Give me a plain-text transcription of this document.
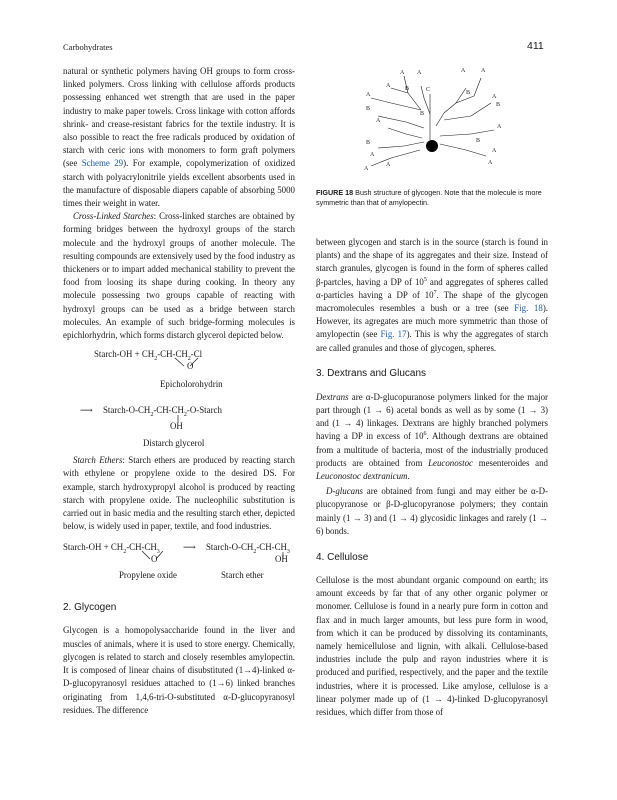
Carbohydrates	411

natural or synthetic polymers having OH groups to form cross-linked polymers. Cross linking with cellulose affords products possessing enhanced wet strength that are used in the paper industry to make paper towels. Cross linkage with cotton affords shrink- and crease-resistant fabrics for the textile industry. It is also possible to react the free radicals produced by oxidation of starch with ceric ions with monomers to form graft polymers (see Scheme 29). For example, copolymerization of oxidized starch with polyacrylonitrile yields excellent absorbents used in the manufacture of disposable diapers capable of absorbing 5000 times their weight in water.

Cross-Linked Starches: Cross-linked starches are obtained by forming bridges between the hydroxyl groups of the starch molecule and the hydroxyl groups of another molecule. The resulting compounds are extensively used by the food industry as thickeners or to impart added mechanical stability to prevent the food from loosing its shape during cooking. In theory any molecule possessing two groups capable of reacting with hydroxyl groups can be used as a bridge between starch molecules. An example of such bridge-forming molecules is epichlorhydrin, which forms distarch glycerol depicted below.

Starch-OH + $CH_2-CH-CH_2-Cl$
O
Epicholorohydrin
⟶ Starch-$O-CH_2-CH-CH_2-O$-Starch
OH
Distarch glycerol

Starch Ethers: Starch ethers are produced by reacting starch with ethylene or propylene oxide to the desired DS. For example, starch hydroxypropyl alcohol is produced by reacting starch with propylene oxide. The nucleophilic substitution is carried out in basic media and the resulting starch ether, depicted below, is widely used in paper, textile, and food industries.

Starch-OH + $CH_2-CH-CH_3$	⟶ Starch-$O-CH_2-CH-CH_3$
O	OH
Propylene oxide	Starch ether
2. Glycogen

Glycogen is a homopolysaccharide found in the liver and muscles of animals, where it is used to store energy. Chemically, glycogen is related to starch and closely resembles amylopectin. It is composed of linear chains of disubstituted (1→4)-linked α-D-glucopyranosyl residues attached to (1→6) linked branches originating from 1,4,6-tri-O-substituted α-D-glucopyranosyl residues. The difference

A A
A B
A
B
A
B
A	A
B
A
C
B
A
B
A
A
B
A
A
A
FIGURE 18 Bush structure of glycogen. Note that the molecule is more symmetric than that of amylopectin.

between glycogen and starch is in the source (starch is found in plants) and the shape of its aggregates and their size. Instead of starch granules, glycogen is found in the form of spheres called β-partcles, having a DP of $10^5$ and aggregates of spheres called α-particles having a DP of $10^7$. The shape of the glycogen macromolecules resembles a bush or a tree (see Fig. 18). However, its agregates are much more symmetric than those of amylopectin (see Fig. 17). This is why the aggregates of starch are called granules and those of glycogen, spheres.

3. Dextrans and Glucans

Dextrans are α-D-glucopuranose polymers linked for the major part through (1 → 6) acetal bonds as well as by some (1 → 3) and (1 → 4) linkages. Dextrans are highly branched polymers having a DP in excess of $10^6$. Although dextrans are obtained from a multitude of bacteria, most of the industrially produced products are obtained from Leuconostoc mesenteroides and Leuconostoc dextranicum.

D-glucans are obtained from fungi and may either be α-D-plucopyranose or β-D-glucopyranose polymers; they contain mainly (1 → 3) and (1 → 4) glycosidic linkages and rarely (1 → 6) bonds.

4. Cellulose

Cellulose is the most abundant organic compound on earth; its amount exceeds by far that of any other organic polymer or monomer. Cellulose is found in a nearly pure form in cotton and flax and in much larger amounts, but less pure form in wood, from which it can be produced by dissolving its contaminants, namely hemicellulose and lignin, with alkali. Cellulose-based industries include the pulp and rayon industries where it is produced and purified, respectively, and the paper and the textile industries, where it is processed. Like amylose, cellulose is a linear polymer made up of (1 → 4)-linked D-glucopyranosyl residues, which differ from those of
